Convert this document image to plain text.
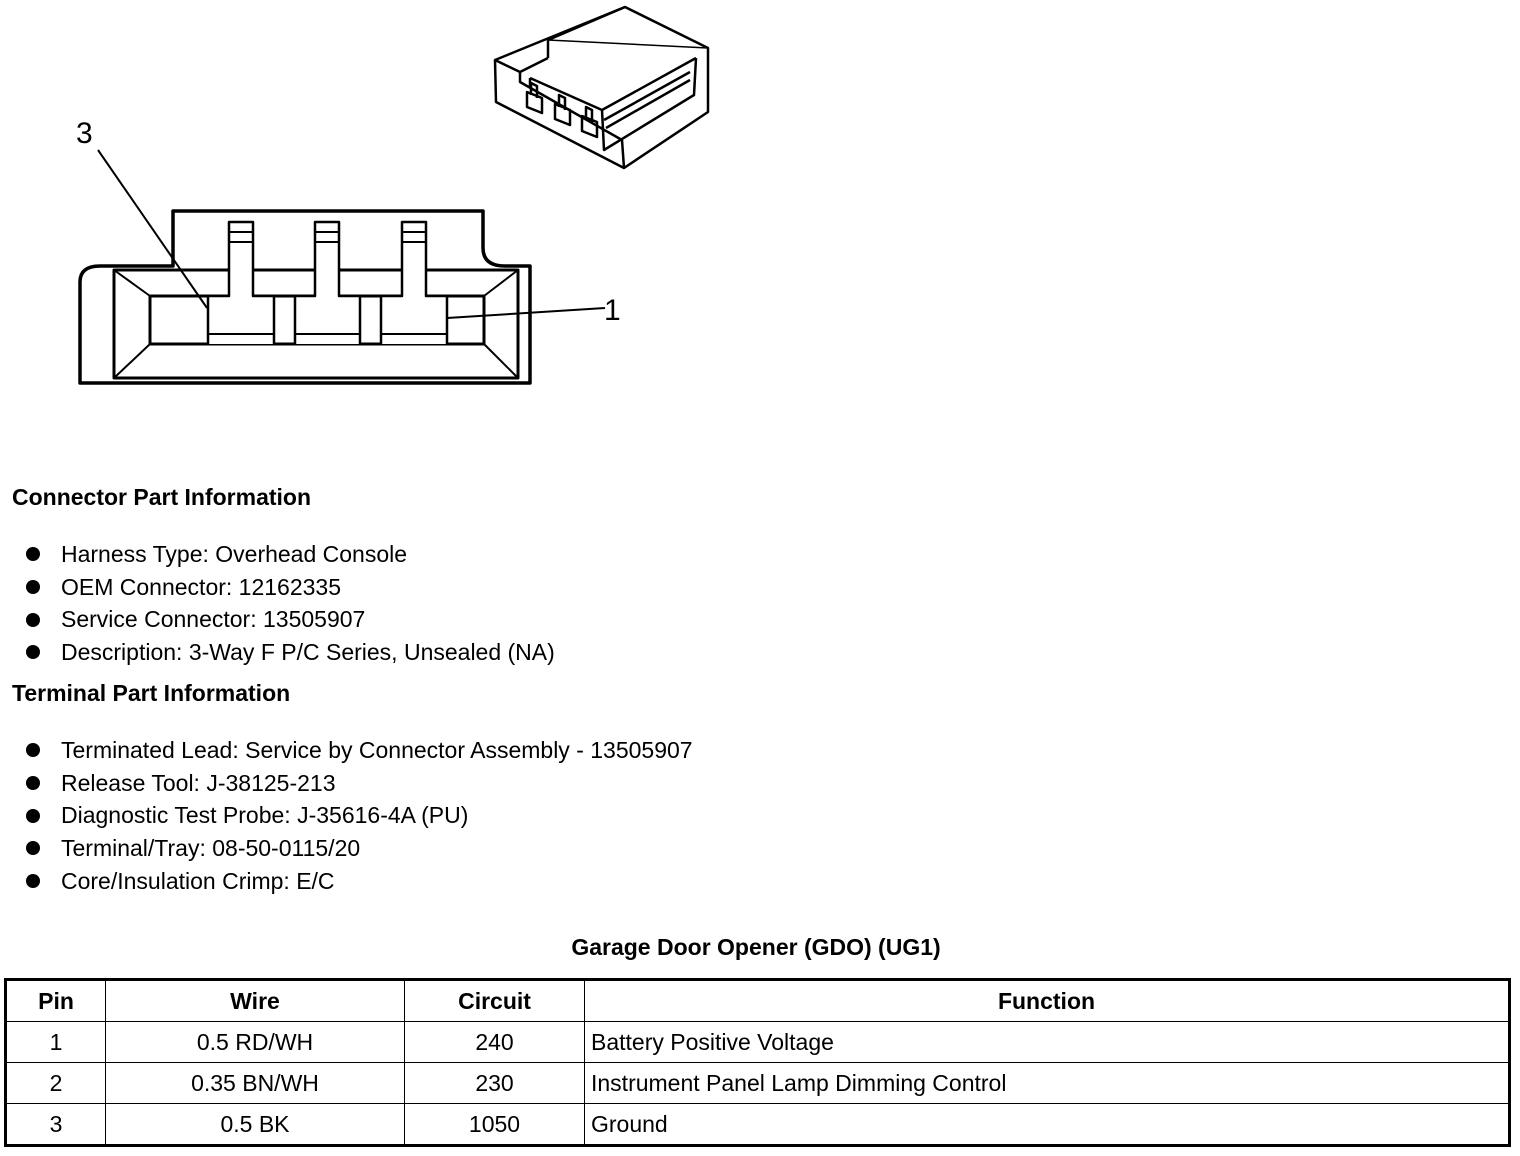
3
1
Connector Part Information
Harness Type: Overhead Console
OEM Connector: 12162335
Service Connector: 13505907
Description: 3-Way F P/C Series, Unsealed (NA)
Terminal Part Information
Terminated Lead: Service by Connector Assembly - 13505907
Release Tool: J-38125-213
Diagnostic Test Probe: J-35616-4A (PU)
Terminal/Tray: 08-50-0115/20
Core/Insulation Crimp: E/C
Garage Door Opener (GDO) (UG1)
Pin	Wire	Circuit	Function
1	0.5 RD/WH	240	Battery Positive Voltage
2	0.35 BN/WH	230	Instrument Panel Lamp Dimming Control
3	0.5 BK	1050	Ground
